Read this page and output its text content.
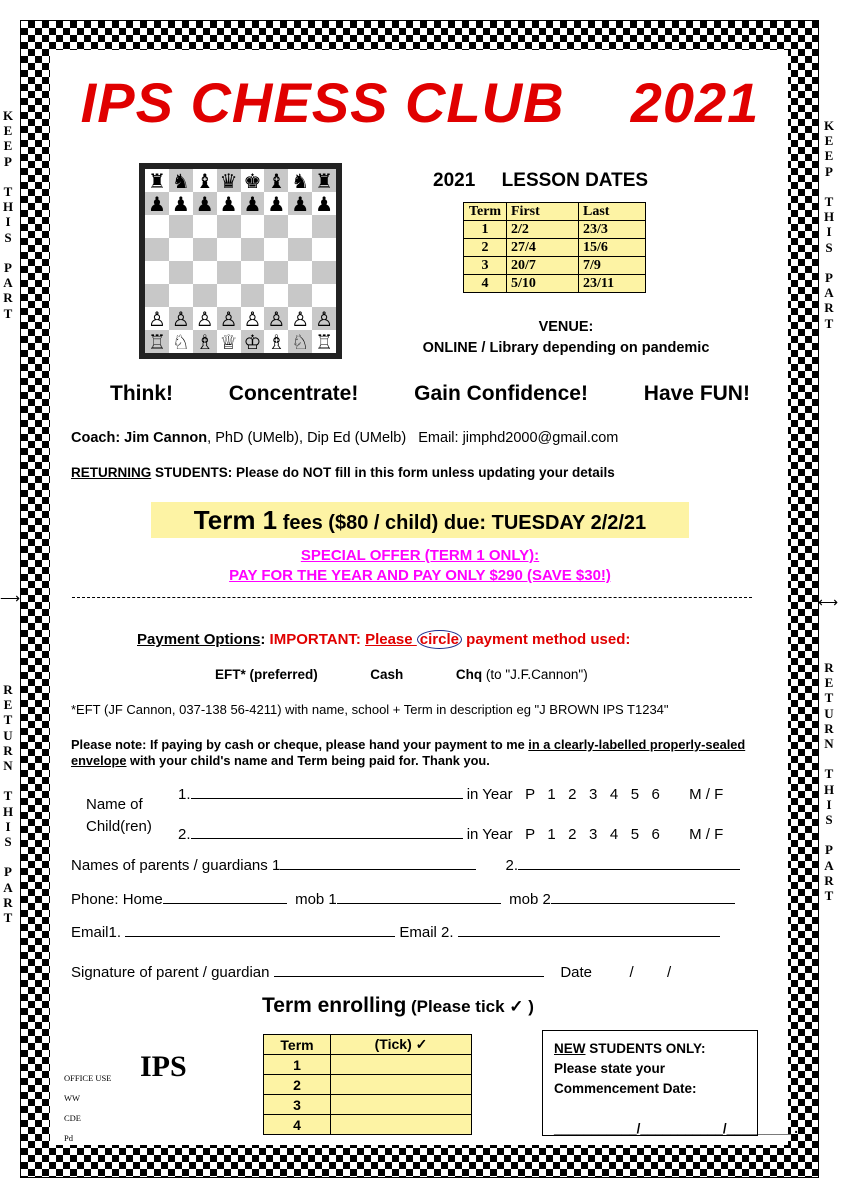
K
E
E
P

T
H
I
S

P
A
R
T
K
E
E
P

T
H
I
S

P
A
R
T
R
E
T
U
R
N

T
H
I
S

P
A
R
T
R
E
T
U
R
N

T
H
I
S

P
A
R
T
⟶	⟷
IPS CHESS CLUB    2021
♜ ♞ ♝ ♛ ♚ ♝ ♞ ♜
♟ ♟ ♟ ♟ ♟ ♟ ♟ ♟
♙ ♙ ♙ ♙ ♙ ♙ ♙ ♙
♖ ♘ ♗ ♕ ♔ ♗ ♘ ♖
2021     LESSON DATES
Term	First	Last
1	2/2	23/3
2	27/4	15/6
3	20/7	7/9
4	5/10	23/11
VENUE:
ONLINE / Library depending on pandemic
Think!	Concentrate!	Gain Confidence!	Have FUN!
Coach: Jim Cannon, PhD (UMelb), Dip Ed (UMelb)   Email: jimphd2000@gmail.com
RETURNING STUDENTS: Please do NOT fill in this form unless updating your details
Term 1 fees ($80 / child) due: TUESDAY 2/2/21
SPECIAL OFFER (TERM 1 ONLY):
PAY FOR THE YEAR AND PAY ONLY $290 (SAVE $30!)
Payment Options: IMPORTANT: Please circle payment method used:
EFT* (preferred)	Cash	Chq (to "J.F.Cannon")
*EFT (JF Cannon, 037-138 56-4211) with name, school + Term in description eg "J BROWN IPS T1234"
Please note: If paying by cash or cheque, please hand your payment to me in a clearly-labelled properly-sealed envelope with your child's name and Term being paid for. Thank you.
Name of
Child(ren)
1.	in Year P   1   2   3   4   5   6 M / F
2.	in Year P   1   2   3   4   5   6 M / F
Names of parents / guardians 1	2.
Phone: Home	mob 1	mob 2
Email1.	Email 2.
Signature of parent / guardian	Date         /        /
Term enrolling (Please tick ✓ )
Term	(Tick) ✓
1	
2	
3	
4	
OFFICE USE
WW
CDE
Pd
IPS
NEW STUDENTS ONLY:
Please state your
Commencement Date:

___________/___________/_________.
